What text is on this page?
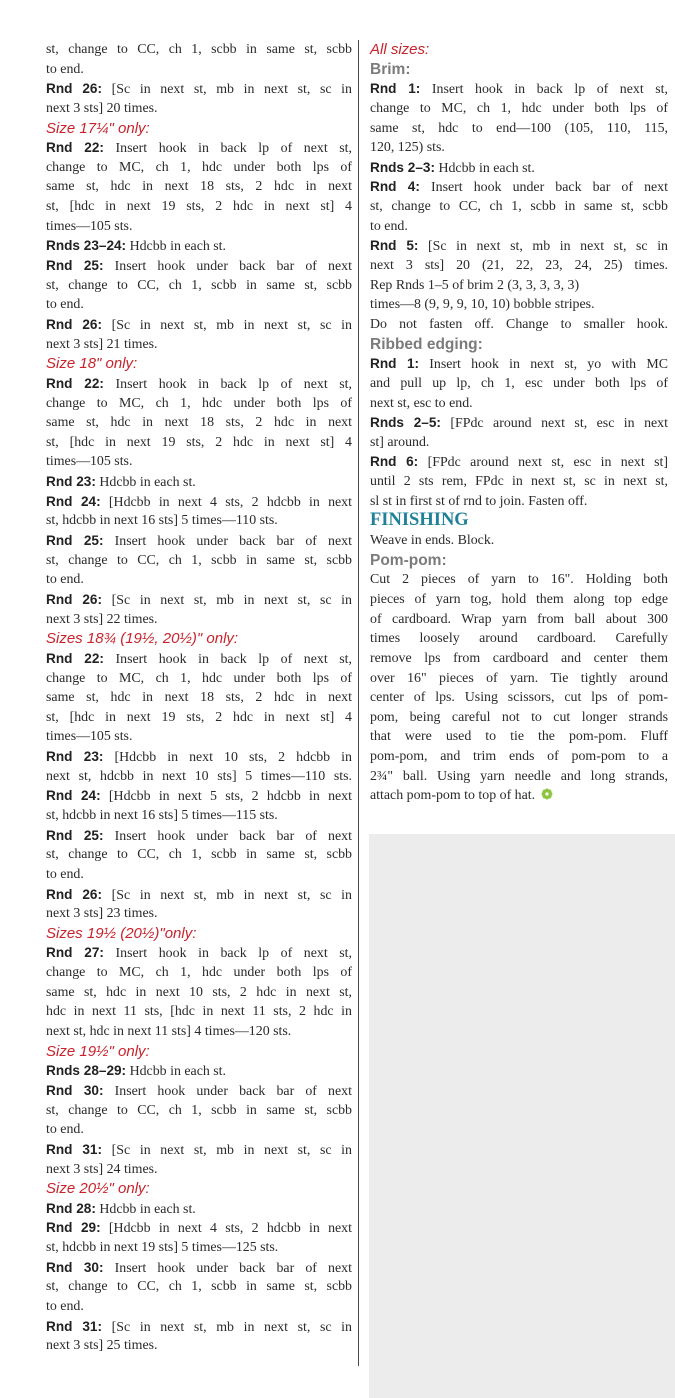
st, change to CC, ch 1, scbb in same st, scbb
to end.
Rnd 26: [Sc in next st, mb in next st, sc in
next 3 sts] 20 times.
Size 17¼" only:
Rnd 22: Insert hook in back lp of next st,
change to MC, ch 1, hdc under both lps of
same st, hdc in next 18 sts, 2 hdc in next
st, [hdc in next 19 sts, 2 hdc in next st] 4
times—105 sts.
Rnds 23–24: Hdcbb in each st.
Rnd 25: Insert hook under back bar of next
st, change to CC, ch 1, scbb in same st, scbb
to end.
Rnd 26: [Sc in next st, mb in next st, sc in
next 3 sts] 21 times.
Size 18" only:
Rnd 22: Insert hook in back lp of next st,
change to MC, ch 1, hdc under both lps of
same st, hdc in next 18 sts, 2 hdc in next
st, [hdc in next 19 sts, 2 hdc in next st] 4
times—105 sts.
Rnd 23: Hdcbb in each st.
Rnd 24: [Hdcbb in next 4 sts, 2 hdcbb in next
st, hdcbb in next 16 sts] 5 times—110 sts.
Rnd 25: Insert hook under back bar of next
st, change to CC, ch 1, scbb in same st, scbb
to end.
Rnd 26: [Sc in next st, mb in next st, sc in
next 3 sts] 22 times.
Sizes 18¾ (19½, 20½)" only:
Rnd 22: Insert hook in back lp of next st,
change to MC, ch 1, hdc under both lps of
same st, hdc in next 18 sts, 2 hdc in next
st, [hdc in next 19 sts, 2 hdc in next st] 4
times—105 sts.
Rnd 23: [Hdcbb in next 10 sts, 2 hdcbb in
next st, hdcbb in next 10 sts] 5 times—110 sts.
Rnd 24: [Hdcbb in next 5 sts, 2 hdcbb in next
st, hdcbb in next 16 sts] 5 times—115 sts.
Rnd 25: Insert hook under back bar of next
st, change to CC, ch 1, scbb in same st, scbb
to end.
Rnd 26: [Sc in next st, mb in next st, sc in
next 3 sts] 23 times.
Sizes 19½ (20½)"only:
Rnd 27: Insert hook in back lp of next st,
change to MC, ch 1, hdc under both lps of
same st, hdc in next 10 sts, 2 hdc in next st,
hdc in next 11 sts, [hdc in next 11 sts, 2 hdc in
next st, hdc in next 11 sts] 4 times—120 sts.
Size 19½" only:
Rnds 28–29: Hdcbb in each st.
Rnd 30: Insert hook under back bar of next
st, change to CC, ch 1, scbb in same st, scbb
to end.
Rnd 31: [Sc in next st, mb in next st, sc in
next 3 sts] 24 times.
Size 20½" only:
Rnd 28: Hdcbb in each st.
Rnd 29: [Hdcbb in next 4 sts, 2 hdcbb in next
st, hdcbb in next 19 sts] 5 times—125 sts.
Rnd 30: Insert hook under back bar of next
st, change to CC, ch 1, scbb in same st, scbb
to end.
Rnd 31: [Sc in next st, mb in next st, sc in
next 3 sts] 25 times.
All sizes:
Brim:
Rnd 1: Insert hook in back lp of next st,
change to MC, ch 1, hdc under both lps of
same st, hdc to end—100 (105, 110, 115,
120, 125) sts.
Rnds 2–3: Hdcbb in each st.
Rnd 4: Insert hook under back bar of next
st, change to CC, ch 1, scbb in same st, scbb
to end.
Rnd 5: [Sc in next st, mb in next st, sc in
next 3 sts] 20 (21, 22, 23, 24, 25) times.
Rep Rnds 1–5 of brim 2 (3, 3, 3, 3, 3)
times—8 (9, 9, 9, 10, 10) bobble stripes.
Do not fasten off. Change to smaller hook.
Ribbed edging:
Rnd 1: Insert hook in next st, yo with MC
and pull up lp, ch 1, esc under both lps of
next st, esc to end.
Rnds 2–5: [FPdc around next st, esc in next
st] around.
Rnd 6: [FPdc around next st, esc in next st]
until 2 sts rem, FPdc in next st, sc in next st,
sl st in first st of rnd to join. Fasten off.
FINISHING
Weave in ends. Block.
Pom-pom:
Cut 2 pieces of yarn to 16". Holding both
pieces of yarn tog, hold them along top edge
of cardboard. Wrap yarn from ball about 300
times loosely around cardboard. Carefully
remove lps from cardboard and center them
over 16" pieces of yarn. Tie tightly around
center of lps. Using scissors, cut lps of pom-
pom, being careful not to cut longer strands
that were used to tie the pom-pom. Fluff
pom-pom, and trim ends of pom-pom to a
2¾" ball. Using yarn needle and long strands,
attach pom-pom to top of hat.
